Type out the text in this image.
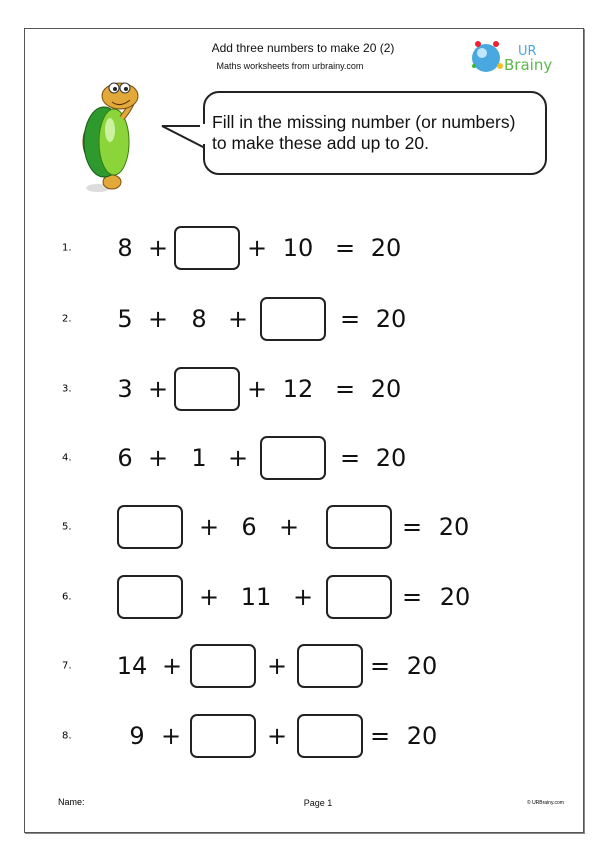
Add three numbers to make 20 (2)
Maths worksheets from urbrainy.com
UR
Brainy
Fill in the missing number (or numbers)
to make these add up to 20.
1. 8 +	+ 10 = 20
2. 5 + 8 +	= 20
3. 3 +	+ 12 = 20
4. 6 + 1 +	= 20
5.	+ 6 +	= 20
6.	+ 11 +	= 20
7. 14 +	+	= 20
8. 9 +	+	= 20
Name:	Page 1	© URBrainy.com
